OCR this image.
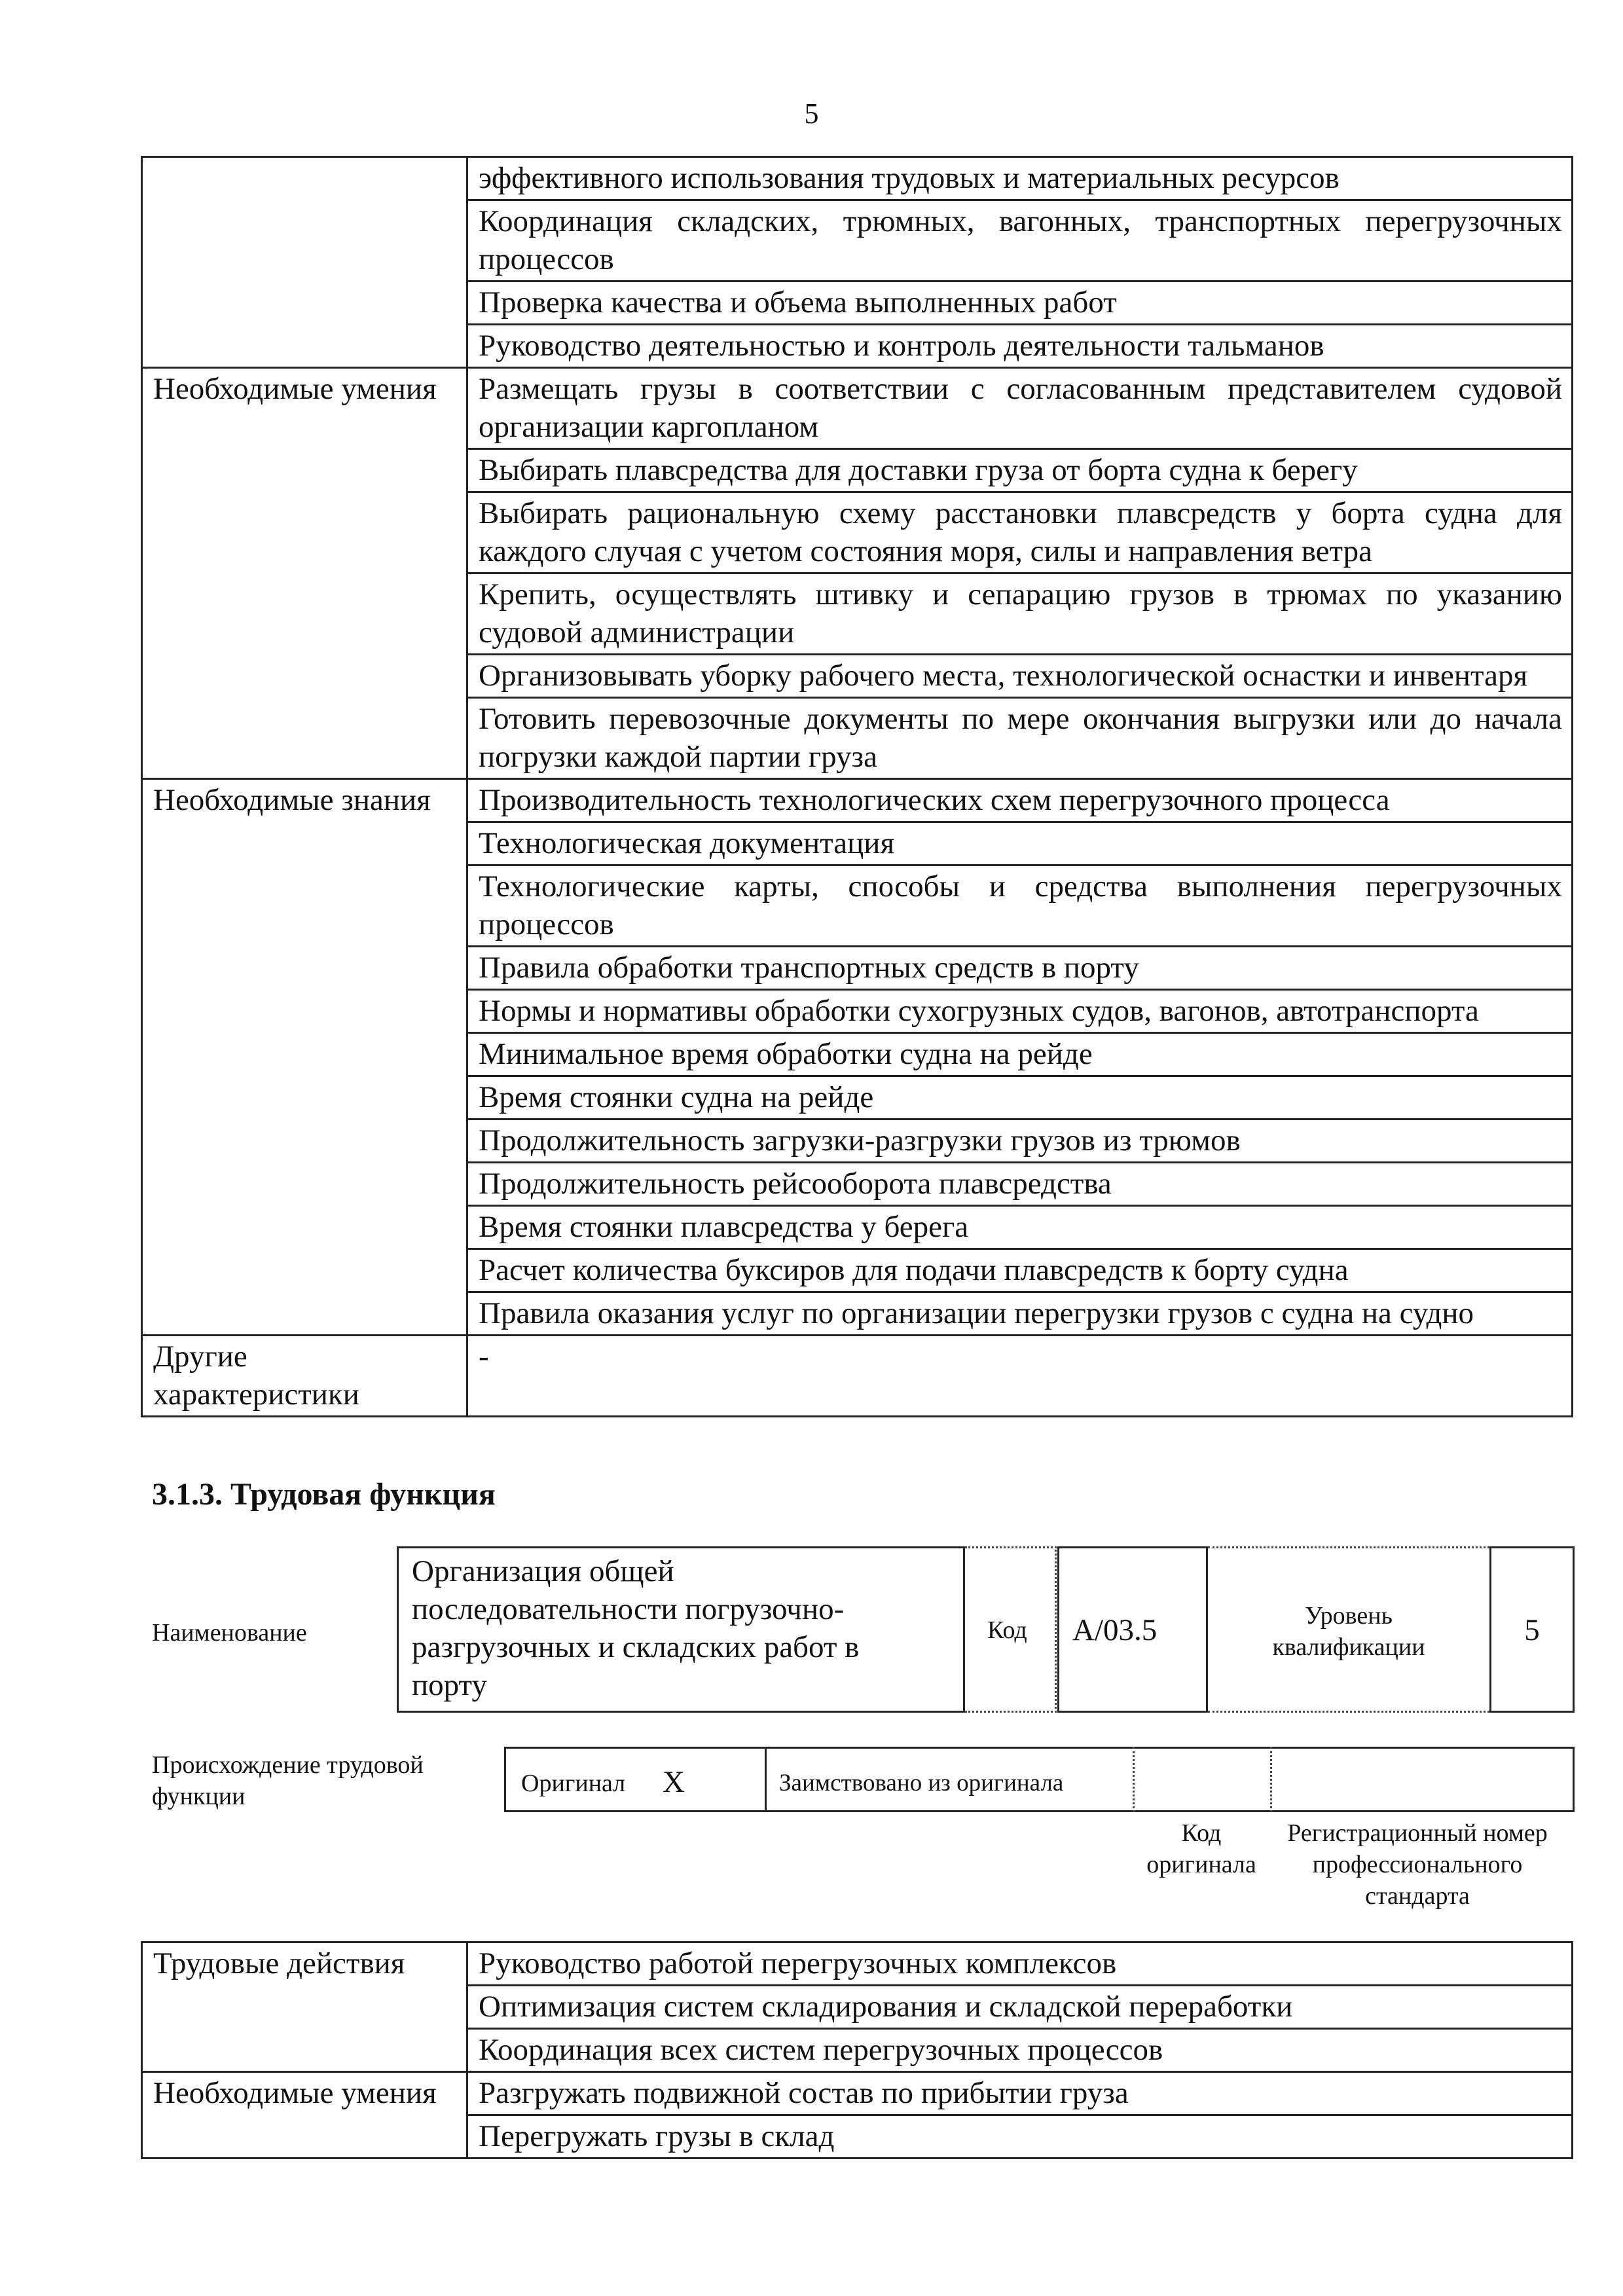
5
	эффективного использования трудовых и материальных ресурсов
	Координация складских, трюмных, вагонных, транспортных перегрузочных процессов
	Проверка качества и объема выполненных работ
	Руководство деятельностью и контроль деятельности тальманов
Необходимые умения	Размещать грузы в соответствии с согласованным представителем судовой организации каргопланом
	Выбирать плавсредства для доставки груза от борта судна к берегу
	Выбирать рациональную схему расстановки плавсредств у борта судна для каждого случая с учетом состояния моря, силы и направления ветра
	Крепить, осуществлять штивку и сепарацию грузов в трюмах по указанию судовой администрации
	Организовывать уборку рабочего места, технологической оснастки и инвентаря
	Готовить перевозочные документы по мере окончания выгрузки или до начала погрузки каждой партии груза
Необходимые знания	Производительность технологических схем перегрузочного процесса
	Технологическая документация
	Технологические карты, способы и средства выполнения перегрузочных процессов
	Правила обработки транспортных средств в порту
	Нормы и нормативы обработки сухогрузных судов, вагонов, автотранспорта
	Минимальное время обработки судна на рейде
	Время стоянки судна на рейде
	Продолжительность загрузки-разгрузки грузов из трюмов
	Продолжительность рейсооборота плавсредства
	Время стоянки плавсредства у берега
	Расчет количества буксиров для подачи плавсредств к борту судна
	Правила оказания услуг по организации перегрузки грузов с судна на судно
Другие характеристики	-
3.1.3. Трудовая функция
Наименование
Организация общей последовательности погрузочно-разгрузочных и складских работ в порту
Код A/03.5	Уровень квалификации	5
Происхождение трудовой функции	Оригинал X	Заимствовано из оригинала
Код оригинала
Регистрационный номер профессионального стандарта
Трудовые действия	Руководство работой перегрузочных комплексов
	Оптимизация систем складирования и складской переработки
	Координация всех систем перегрузочных процессов
Необходимые умения	Разгружать подвижной состав по прибытии груза
	Перегружать грузы в склад
